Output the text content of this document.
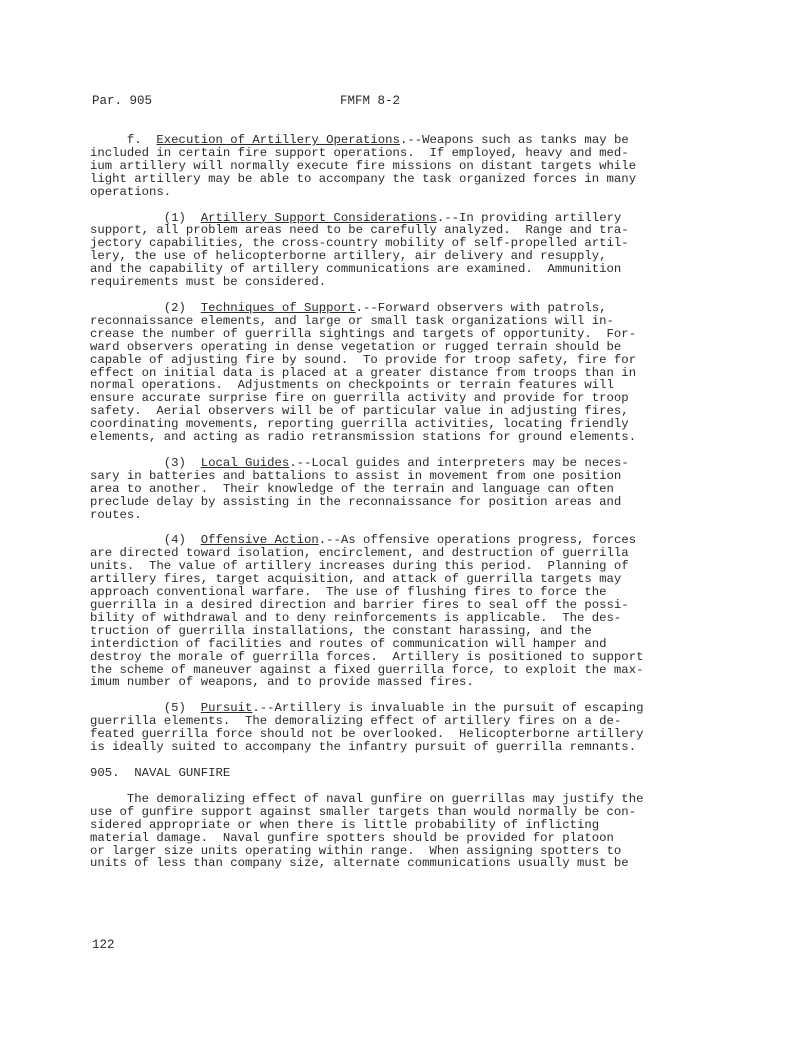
Par. 905	FMFM 8-2
f.  Execution of Artillery Operations.--Weapons such as tanks may be
included in certain fire support operations.  If employed, heavy and med-
ium artillery will normally execute fire missions on distant targets while
light artillery may be able to accompany the task organized forces in many
operations.
(1)  Artillery Support Considerations.--In providing artillery
support, all problem areas need to be carefully analyzed.  Range and tra-
jectory capabilities, the cross-country mobility of self-propelled artil-
lery, the use of helicopterborne artillery, air delivery and resupply,
and the capability of artillery communications are examined.  Ammunition
requirements must be considered.
(2)  Techniques of Support.--Forward observers with patrols,
reconnaissance elements, and large or small task organizations will in-
crease the number of guerrilla sightings and targets of opportunity.  For-
ward observers operating in dense vegetation or rugged terrain should be
capable of adjusting fire by sound.  To provide for troop safety, fire for
effect on initial data is placed at a greater distance from troops than in
normal operations.  Adjustments on checkpoints or terrain features will
ensure accurate surprise fire on guerrilla activity and provide for troop
safety.  Aerial observers will be of particular value in adjusting fires,
coordinating movements, reporting guerrilla activities, locating friendly
elements, and acting as radio retransmission stations for ground elements.
(3)  Local Guides.--Local guides and interpreters may be neces-
sary in batteries and battalions to assist in movement from one position
area to another.  Their knowledge of the terrain and language can often
preclude delay by assisting in the reconnaissance for position areas and
routes.
(4)  Offensive Action.--As offensive operations progress, forces
are directed toward isolation, encirclement, and destruction of guerrilla
units.  The value of artillery increases during this period.  Planning of
artillery fires, target acquisition, and attack of guerrilla targets may
approach conventional warfare.  The use of flushing fires to force the
guerrilla in a desired direction and barrier fires to seal off the possi-
bility of withdrawal and to deny reinforcements is applicable.  The des-
truction of guerrilla installations, the constant harassing, and the
interdiction of facilities and routes of communication will hamper and
destroy the morale of guerrilla forces.  Artillery is positioned to support
the scheme of maneuver against a fixed guerrilla force, to exploit the max-
imum number of weapons, and to provide massed fires.
(5)  Pursuit.--Artillery is invaluable in the pursuit of escaping
guerrilla elements.  The demoralizing effect of artillery fires on a de-
feated guerrilla force should not be overlooked.  Helicopterborne artillery
is ideally suited to accompany the infantry pursuit of guerrilla remnants.
905.  NAVAL GUNFIRE
The demoralizing effect of naval gunfire on guerrillas may justify the
use of gunfire support against smaller targets than would normally be con-
sidered appropriate or when there is little probability of inflicting
material damage.  Naval gunfire spotters should be provided for platoon
or larger size units operating within range.  When assigning spotters to
units of less than company size, alternate communications usually must be
122
